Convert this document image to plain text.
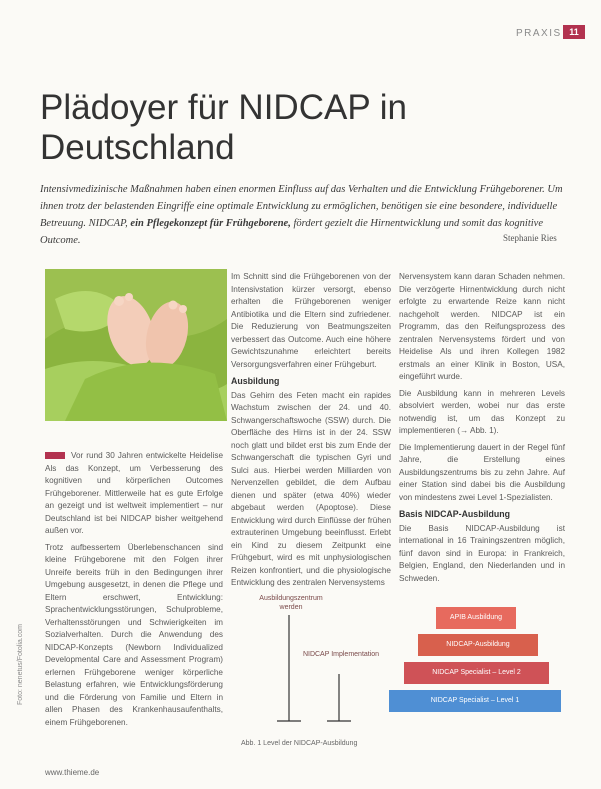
PRAXIS 11
Plädoyer für NIDCAP in Deutschland
Intensivmedizinische Maßnahmen haben einen enormen Einfluss auf das Verhalten und die Entwicklung Frühgeborener. Um ihnen trotz der belastenden Eingriffe eine optimale Entwicklung zu ermöglichen, benötigen sie eine besondere, individuelle Betreuung. NIDCAP, ein Pflegekonzept für Frühgeborene, fördert gezielt die Hirnentwicklung und somit das kognitive Outcome.	Stephanie Ries

Vor rund 30 Jahren entwickelte Heidelise Als das Konzept, um Verbesserung des kognitiven und körperlichen Outcomes Frühgeborener. Mittlerweile hat es gute Erfolge an gezeigt und ist weltweit implementiert – nur Deutschland ist bei NIDCAP bisher weitgehend außen vor.

Trotz aufbessertem Überlebenschancen sind kleine Frühgeborene mit den Folgen ihrer Unreife bereits früh in den Bedingungen ihrer Umgebung ausgesetzt, in denen die Pflege und Eltern erschwert, Entwicklung: Sprachentwicklungsstörungen, Schulprobleme, Verhaltensstörungen und Schwierigkeiten im Sozialverhalten. Durch die Anwendung des NIDCAP-Konzepts (Newborn Individualized Developmental Care and Assessment Program) erlernen Frühgeborene weniger körperliche Belastung erfahren, wie Entwicklungsförderung und die Förderung von Familie und Eltern in allen Phasen des Krankenhausaufenthalts, einem Frühgeborenen.

Im Schnitt sind die Frühgeborenen von der Intensivstation kürzer versorgt, ebenso erhalten die Frühgeborenen weniger Antibiotika und die Eltern sind zufriedener. Die Reduzierung von Beatmungszeiten verbessert das Outcome. Auch eine höhere Gewichtszunahme erleichtert bereits Versorgungsverfahren einer Frühgeburt.

Ausbildung

Das Gehirn des Feten macht ein rapides Wachstum zwischen der 24. und 40. Schwangerschaftswoche (SSW) durch. Die Oberfläche des Hirns ist in der 24. SSW noch glatt und bildet erst bis zum Ende der Schwangerschaft die typischen Gyri und Sulci aus. Hierbei werden Milliarden von Nervenzellen gebildet, die dem Aufbau dienen und später (etwa 40%) wieder abgebaut werden (Apoptose). Diese Entwicklung wird durch Einflüsse der frühen extrauterinen Umgebung beeinflusst. Erlebt ein Kind zu diesem Zeitpunkt eine Frühgeburt, wird es mit unphysiologischen Reizen konfrontiert, und die physiologische Entwicklung des zentralen Nervensystems

Nervensystem kann daran Schaden nehmen. Die verzögerte Hirnentwicklung durch nicht erfolgte zu erwartende Reize kann nicht nachgeholt werden. NIDCAP ist ein Programm, das den Reifungsprozess des zentralen Nervensystems fördert und von Heidelise Als und ihren Kollegen 1982 erstmals an einer Klinik in Boston, USA, eingeführt wurde.

Die Ausbildung kann in mehreren Levels absolviert werden, wobei nur das erste notwendig ist, um das Konzept zu implementieren (→ Abb. 1).

Die Implementierung dauert in der Regel fünf Jahre, die Erstellung eines Ausbildungszentrums bis zu zehn Jahre. Auf einer Station sind dabei bis die Ausbildung von mindestens zwei Level 1-Spezialisten.

Basis NIDCAP-Ausbildung

Die Basis NIDCAP-Ausbildung ist international in 16 Trainingszentren möglich, fünf davon sind in Europa: in Frankreich, Belgien, England, den Niederlanden und in Schweden.

Ausbildungszentrum werden
NIDCAP Implementation
APIB Ausbildung
NIDCAP-Ausbildung
NIDCAP Specialist – Level 2
NIDCAP Specialist – Level 1
Abb. 1 Level der NIDCAP-Ausbildung
Foto: nenetus/Fotolia.com
www.thieme.de
